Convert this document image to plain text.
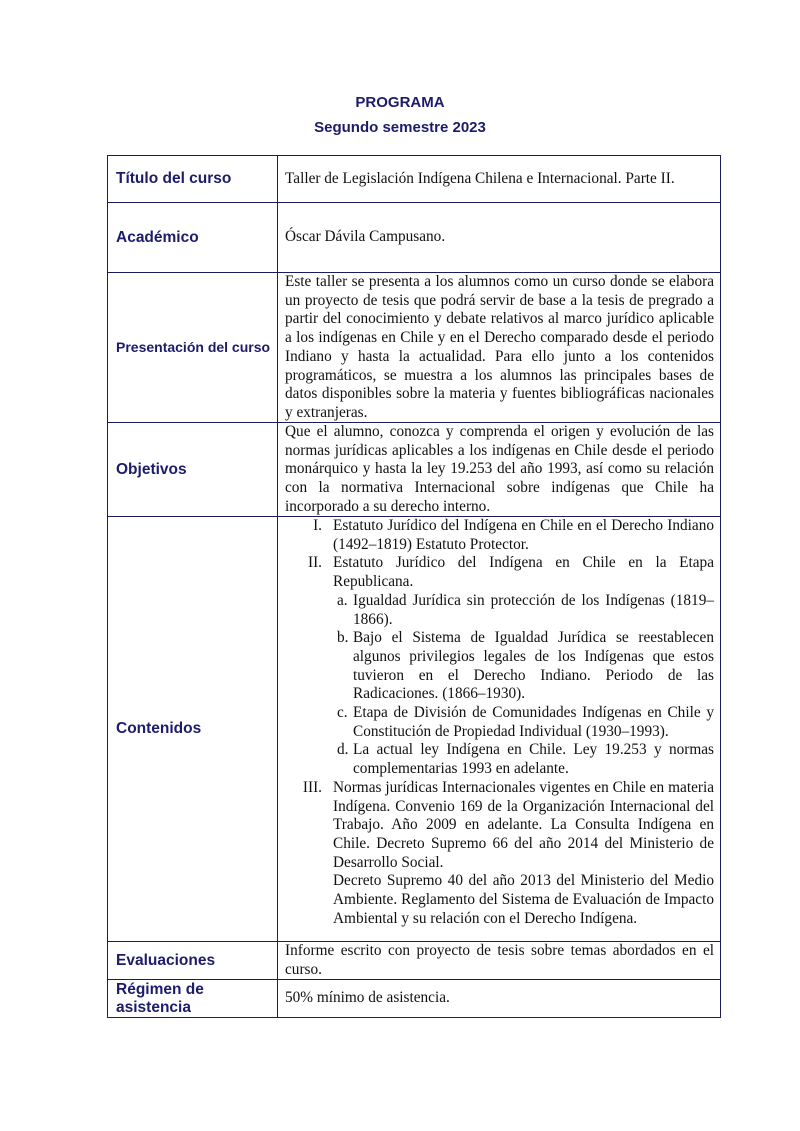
PROGRAMA
Segundo semestre 2023
Título del curso	Taller de Legislación Indígena Chilena e Internacional. Parte II.
Académico	Óscar Dávila Campusano.
Presentación del curso
Este taller se presenta a los alumnos como un curso donde se elabora un proyecto de tesis que podrá servir de base a la tesis de pregrado a partir del conocimiento y debate relativos al marco jurídico aplicable a los indígenas en Chile y en el Derecho comparado desde el periodo Indiano y hasta la actualidad. Para ello junto a los contenidos programáticos, se muestra a los alumnos las principales bases de datos disponibles sobre la materia y fuentes bibliográficas nacionales y extranjeras.
Objetivos
Que el alumno, conozca y comprenda el origen y evolución de las normas jurídicas aplicables a los indígenas en Chile desde el periodo monárquico y hasta la ley 19.253 del año 1993, así como su relación con la normativa Internacional sobre indígenas que Chile ha incorporado a su derecho interno.
Contenidos
I. Estatuto Jurídico del Indígena en Chile en el Derecho Indiano (1492–1819) Estatuto Protector.
II. Estatuto Jurídico del Indígena en Chile en la Etapa Republicana.
a. Igualdad Jurídica sin protección de los Indígenas (1819–1866).
b. Bajo el Sistema de Igualdad Jurídica se reestablecen algunos privilegios legales de los Indígenas que estos tuvieron en el Derecho Indiano. Periodo de las Radicaciones. (1866–1930).
c. Etapa de División de Comunidades Indígenas en Chile y Constitución de Propiedad Individual (1930–1993).
d. La actual ley Indígena en Chile. Ley 19.253 y normas complementarias 1993 en adelante.
III. Normas jurídicas Internacionales vigentes en Chile en materia Indígena. Convenio 169 de la Organización Internacional del Trabajo. Año 2009 en adelante. La Consulta Indígena en Chile. Decreto Supremo 66 del año 2014 del Ministerio de Desarrollo Social.
Decreto Supremo 40 del año 2013 del Ministerio del Medio Ambiente. Reglamento del Sistema de Evaluación de Impacto Ambiental y su relación con el Derecho Indígena.
Evaluaciones
Informe escrito con proyecto de tesis sobre temas abordados en el curso.
Régimen de asistencia
50% mínimo de asistencia.
